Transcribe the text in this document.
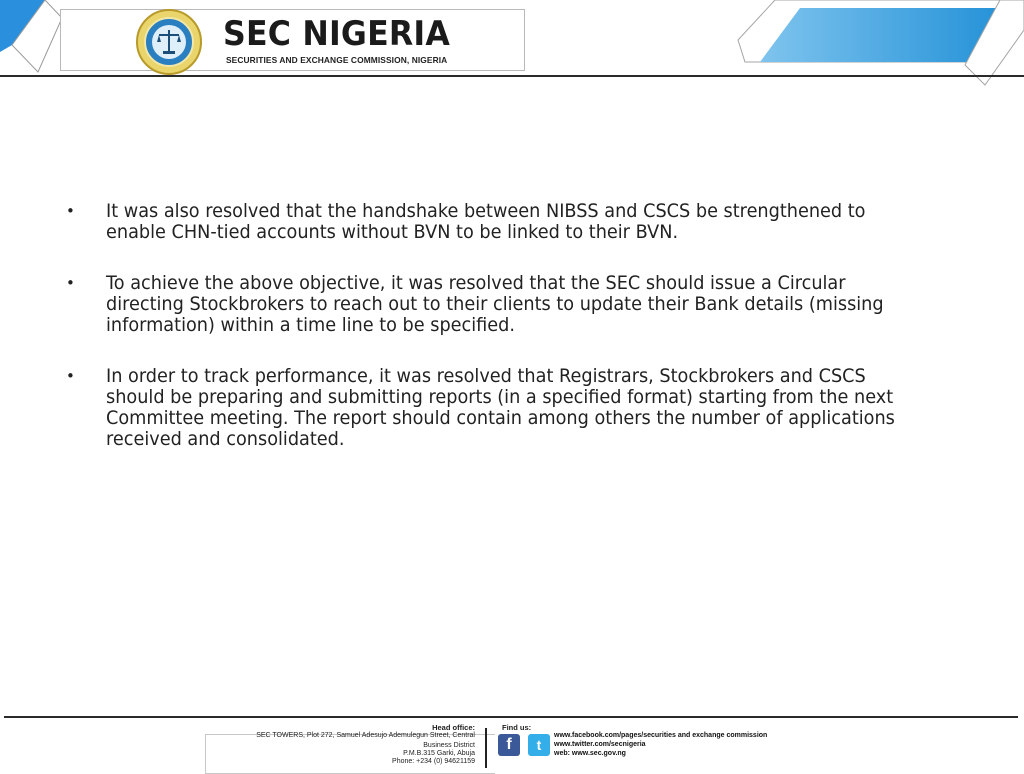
SEC NIGERIA
SECURITIES AND EXCHANGE COMMISSION, NIGERIA
• It was also resolved that the handshake between NIBSS and CSCS be strengthened to enable CHN-tied accounts without BVN to be linked to their BVN.
• To achieve the above objective, it was resolved that the SEC should issue a Circular directing Stockbrokers to reach out to their clients to update their Bank details (missing information) within a time line to be specified.
• In order to track performance, it was resolved that Registrars, Stockbrokers and CSCS should be preparing and submitting reports (in a specified format) starting from the next Committee meeting. The report should contain among others the number of applications received and consolidated.
Head office:
SEC TOWERS, Plot 272, Samuel Adesujo Ademulegun Street, Central
Business District
P.M.B.315 Garki, Abuja
Phone: +234 (0) 94621159
Find us:
f	t
www.facebook.com/pages/securities and exchange commission
www.twitter.com/secnigeria
web: www.sec.gov.ng
